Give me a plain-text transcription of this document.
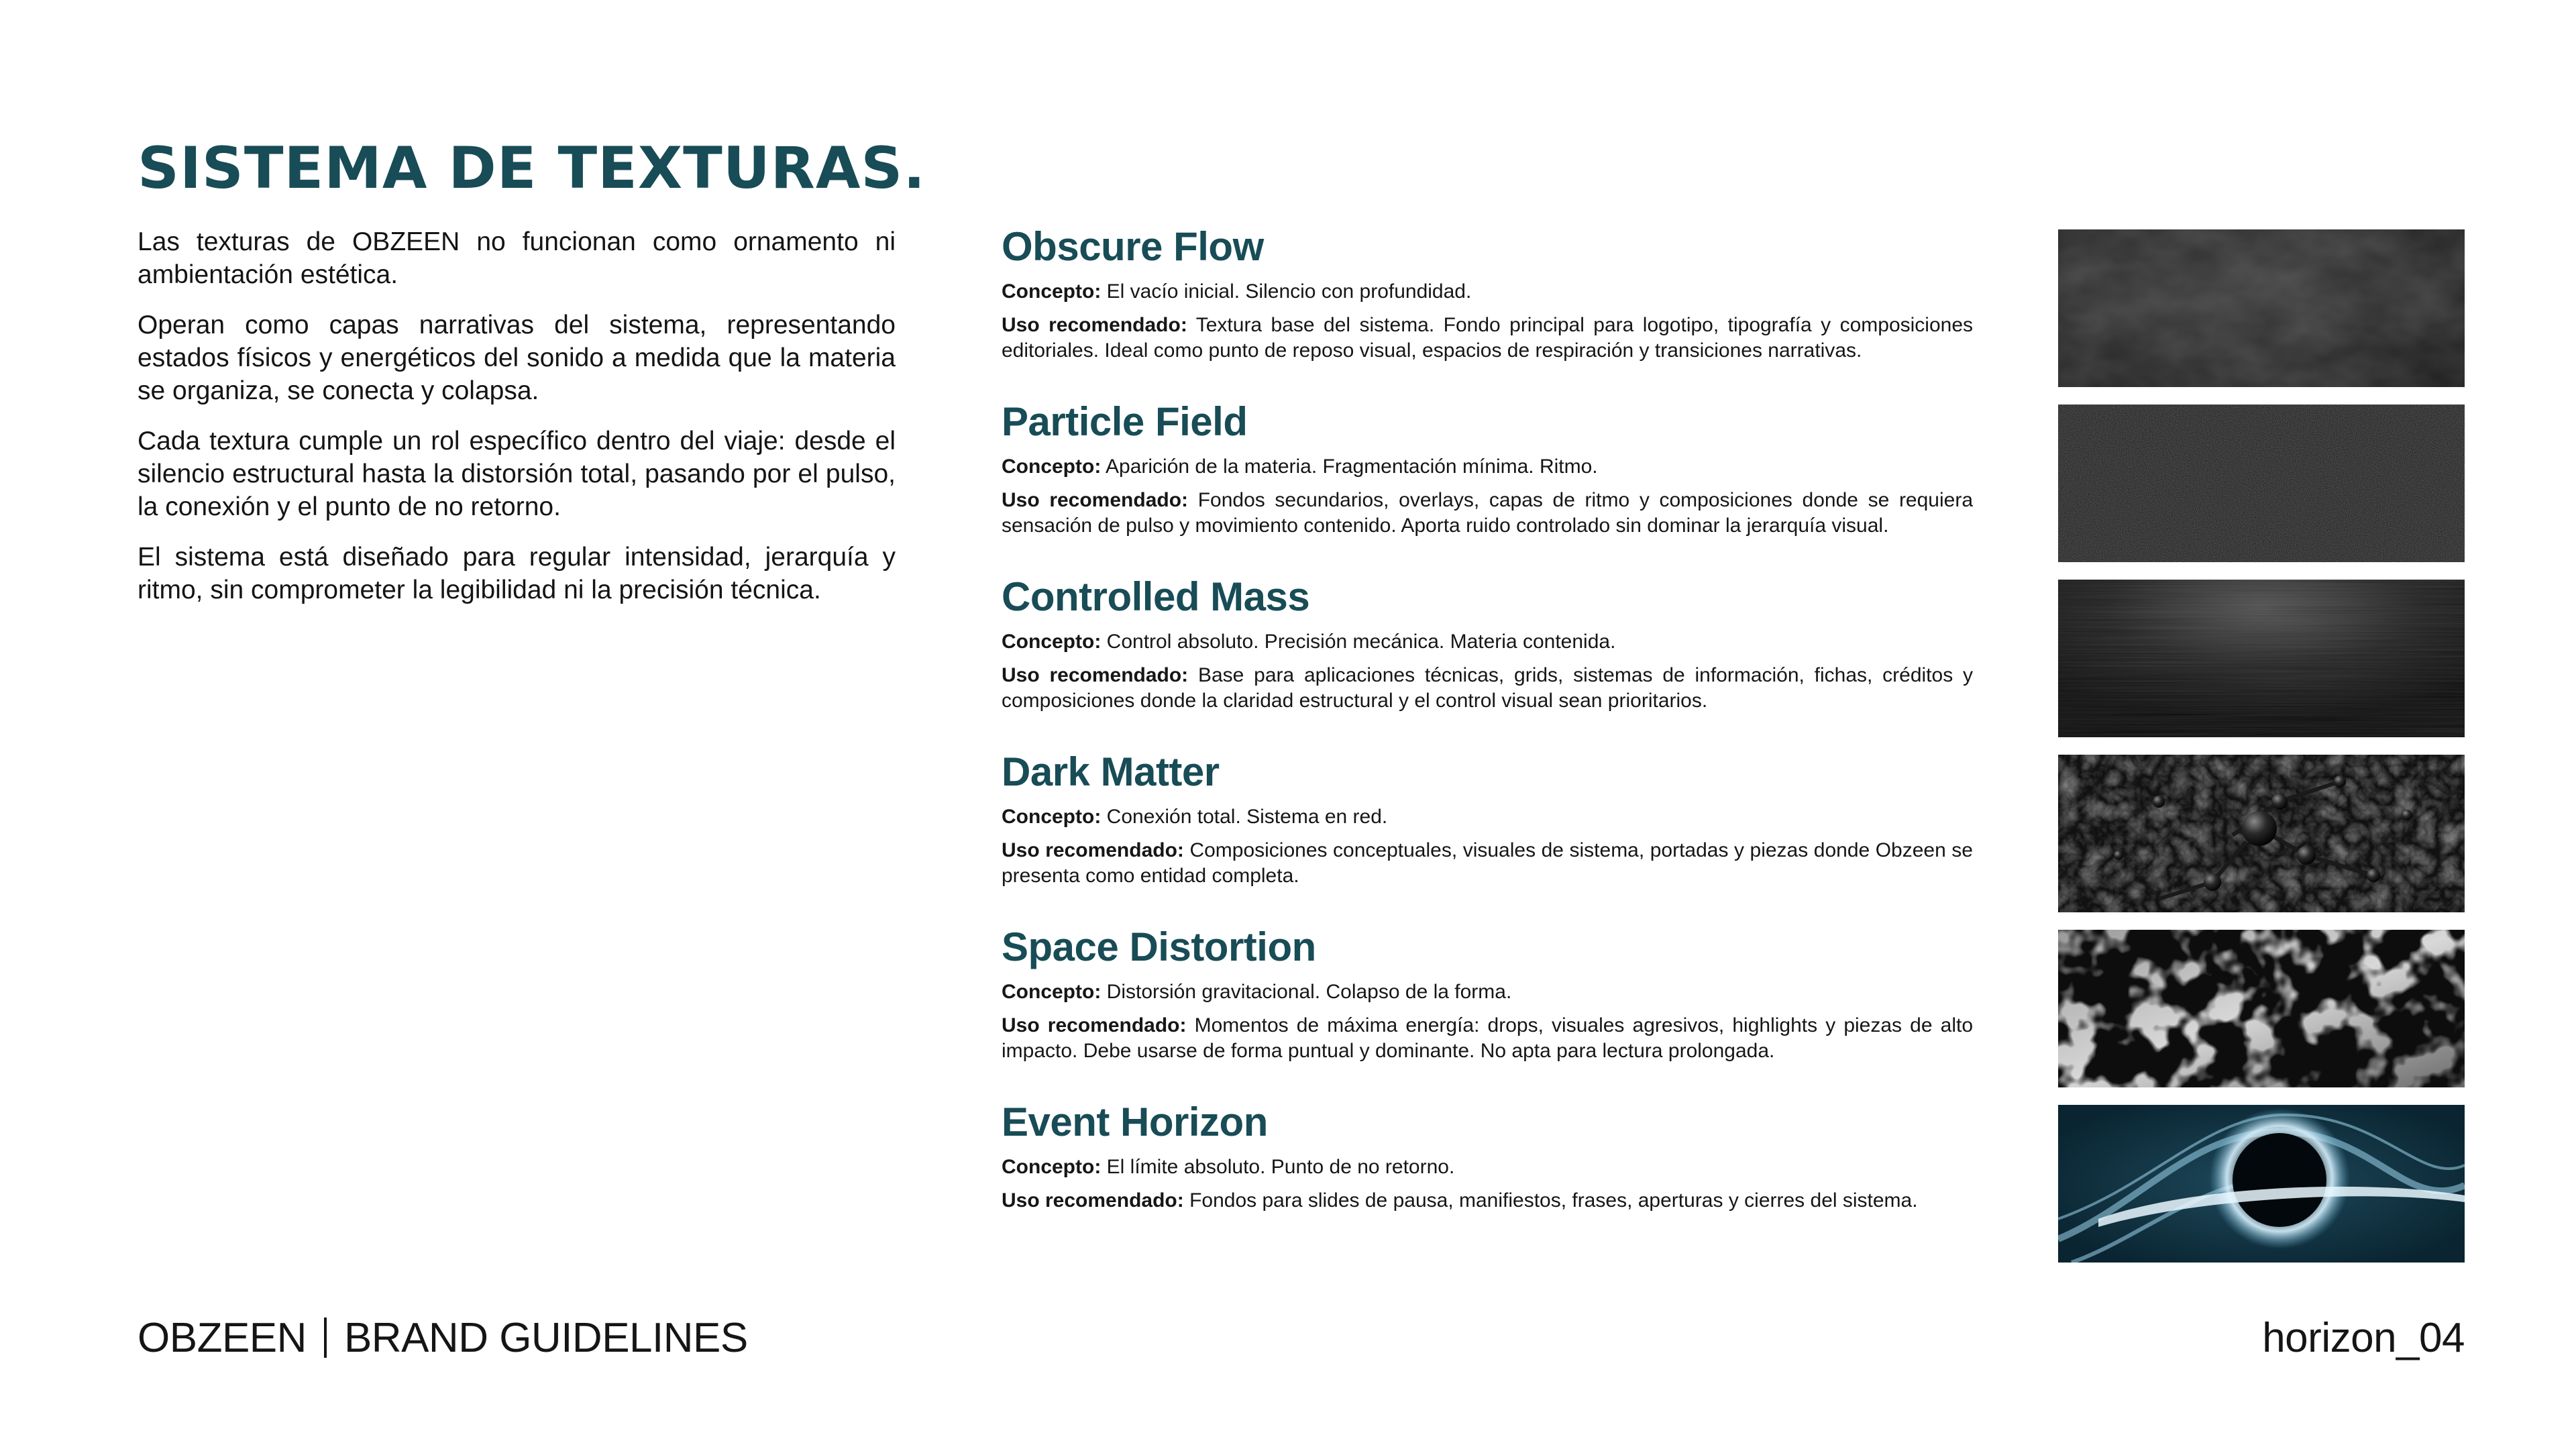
SISTEMA DE TEXTURAS.

Las texturas de OBZEEN no funcionan como ornamento ni ambientación estética.

Operan como capas narrativas del sistema, representando estados físicos y energéticos del sonido a medida que la materia se organiza, se conecta y colapsa.

Cada textura cumple un rol específico dentro del viaje: desde el silencio estructural hasta la distorsión total, pasando por el pulso, la conexión y el punto de no retorno.

El sistema está diseñado para regular intensidad, jerarquía y ritmo, sin comprometer la legibilidad ni la precisión técnica.

Obscure Flow

Concepto: El vacío inicial. Silencio con profundidad.

Uso recomendado: Textura base del sistema. Fondo principal para logotipo, tipografía y composiciones editoriales. Ideal como punto de reposo visual, espacios de respiración y transiciones narrativas.

Particle Field

Concepto: Aparición de la materia. Fragmentación mínima. Ritmo.

Uso recomendado: Fondos secundarios, overlays, capas de ritmo y composiciones donde se requiera sensación de pulso y movimiento contenido. Aporta ruido controlado sin dominar la jerarquía visual.

Controlled Mass

Concepto: Control absoluto. Precisión mecánica. Materia contenida.

Uso recomendado: Base para aplicaciones técnicas, grids, sistemas de información, fichas, créditos y composiciones donde la claridad estructural y el control visual sean prioritarios.

Dark Matter

Concepto: Conexión total. Sistema en red.

Uso recomendado: Composiciones conceptuales, visuales de sistema, portadas y piezas donde Obzeen se presenta como entidad completa.

Space Distortion

Concepto: Distorsión gravitacional. Colapso de la forma.

Uso recomendado: Momentos de máxima energía: drops, visuales agresivos, highlights y piezas de alto impacto. Debe usarse de forma puntual y dominante. No apta para lectura prolongada.

Event Horizon

Concepto: El límite absoluto. Punto de no retorno.

Uso recomendado: Fondos para slides de pausa, manifiestos, frases, aperturas y cierres del sistema.

OBZEEN BRAND GUIDELINES	horizon_04
